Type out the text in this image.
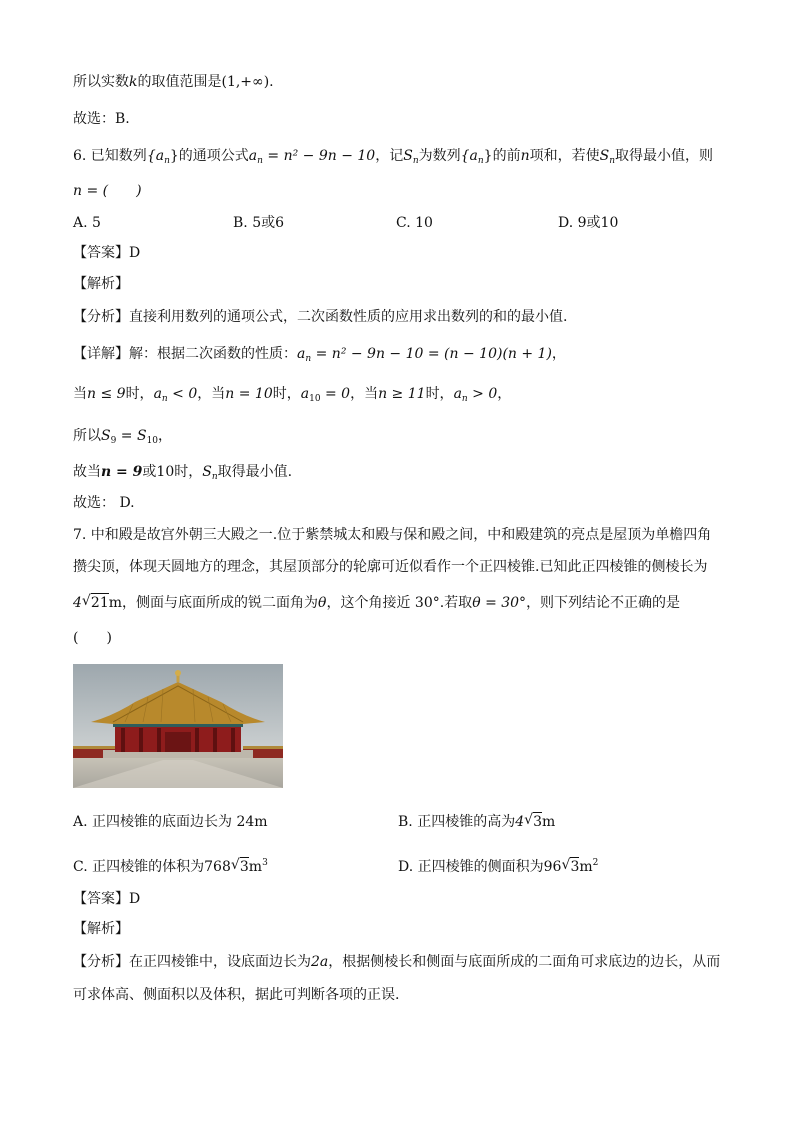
所以实数k的取值范围是(1,+∞).
故选：B.
6. 已知数列$\{a_n\}$的通项公式$a_n = n^2 - 9n - 10$，记$S_n$为数列$\{a_n\}$的前n项和，若使$S_n$取得最小值，则
n = (　　)
A. 5	B. 5或6	C. 10	D. 9或10
【答案】D
【解析】
【分析】直接利用数列的通项公式，二次函数性质的应用求出数列的和的最小值.
【详解】解：根据二次函数的性质：$a_n = n^2 - 9n - 10 = (n - 10)(n + 1)$，
当n ≤ 9时，$a_n < 0$，当n = 10时，$a_{10} = 0$，当n ≥ 11时，$a_n > 0$，
所以$S_9 = S_{10}$，
故当n = 9或10时，$S_n$取得最小值.
故选： D.
7. 中和殿是故宫外朝三大殿之一.位于紫禁城太和殿与保和殿之间，中和殿建筑的亮点是屋顶为单檐四角
攒尖顶，体现天圆地方的理念，其屋顶部分的轮廓可近似看作一个正四棱锥.已知此正四棱锥的侧棱长为
4 √ 21m，侧面与底面所成的锐二面角为θ，这个角接近 30°.若取θ = 30°，则下列结论不正确的是
(　　)
A. 正四棱锥的底面边长为 24m	B. 正四棱锥的高为4 √ 3m
C. 正四棱锥的体积为768 √ $3m^3$	D. 正四棱锥的侧面积为96 √ $3m^2$
【答案】D
【解析】
【分析】在正四棱锥中，设底面边长为2a，根据侧棱长和侧面与底面所成的二面角可求底边的边长，从而
可求体高、侧面积以及体积，据此可判断各项的正误.
